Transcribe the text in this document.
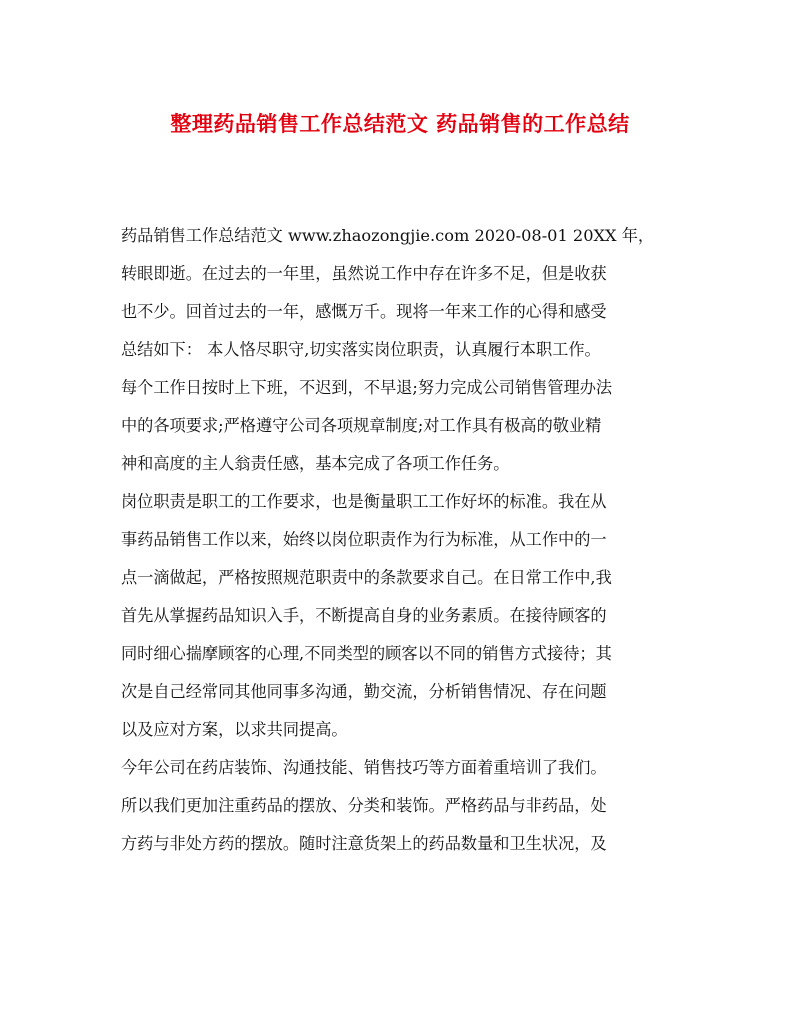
整理药品销售工作总结范文 药品销售的工作总结
药品销售工作总结范文 www.zhaozongjie.com 2020-08-01 20XX 年，
转眼即逝。在过去的一年里，虽然说工作中存在许多不足，但是收获
也不少。回首过去的一年，感慨万千。现将一年来工作的心得和感受
总结如下： 本人恪尽职守,切实落实岗位职责，认真履行本职工作。
每个工作日按时上下班，不迟到，不早退;努力完成公司销售管理办法
中的各项要求;严格遵守公司各项规章制度;对工作具有极高的敬业精
神和高度的主人翁责任感，基本完成了各项工作任务。
岗位职责是职工的工作要求，也是衡量职工工作好坏的标准。我在从
事药品销售工作以来，始终以岗位职责作为行为标准，从工作中的一
点一滴做起，严格按照规范职责中的条款要求自己。在日常工作中,我
首先从掌握药品知识入手，不断提高自身的业务素质。在接待顾客的
同时细心揣摩顾客的心理,不同类型的顾客以不同的销售方式接待；其
次是自己经常同其他同事多沟通，勤交流，分析销售情况、存在问题
以及应对方案，以求共同提高。
今年公司在药店装饰、沟通技能、销售技巧等方面着重培训了我们。
所以我们更加注重药品的摆放、分类和装饰。严格药品与非药品，处
方药与非处方药的摆放。随时注意货架上的药品数量和卫生状况，及
